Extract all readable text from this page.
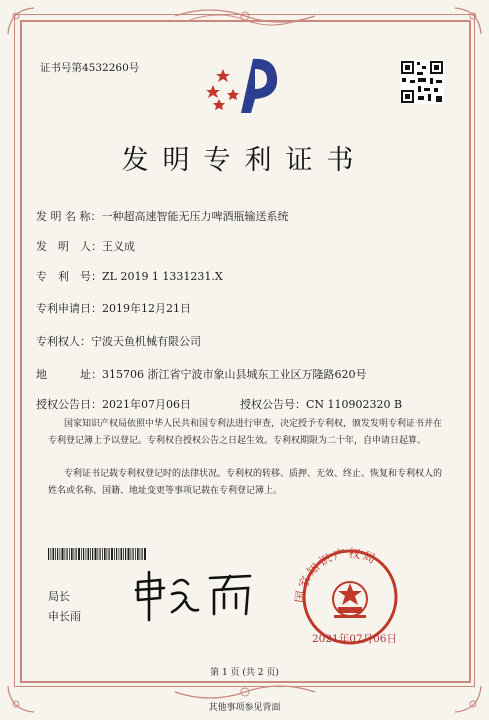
证书号第4532260号
发明专利证书
发 明 名 称：一种超高速智能无压力啤酒瓶输送系统
发　明　人：王义成
专　利　号：ZL 2019 1 1331231.X
专利申请日：2019年12月21日
专利权人：宁波天鱼机械有限公司
地　　　址：315706 浙江省宁波市象山县城东工业区万隆路620号
授权公告日：2021年07月06日	授权公告号：CN 110902320 B
国家知识产权局依照中华人民共和国专利法进行审查，决定授予专利权，颁发发明专利证书并在专利登记簿上予以登记。专利权自授权公告之日起生效。专利权期限为二十年，自申请日起算。
专利证书记载专利权登记时的法律状况。专利权的转移、质押、无效、终止、恢复和专利权人的姓名或名称、国籍、地址变更等事项记载在专利登记簿上。
局长
申长雨
国家知识产权局
2021年07月06日
第 1 页 (共 2 页)
其他事项参见背面
